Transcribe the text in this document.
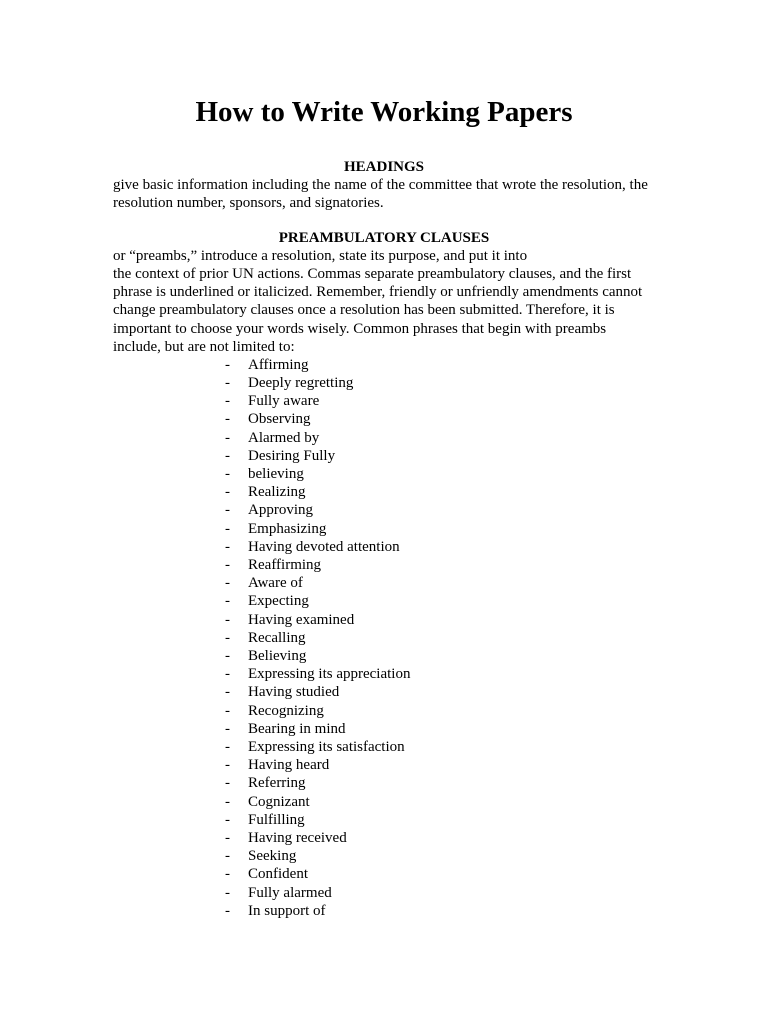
How to Write Working Papers
HEADINGS

give basic information including the name of the committee that wrote the resolution, the
resolution number, sponsors, and signatories.

PREAMBULATORY CLAUSES

or “preambs,” introduce a resolution, state its purpose, and put it into
the context of prior UN actions. Commas separate preambulatory clauses, and the first
phrase is underlined or italicized. Remember, friendly or unfriendly amendments cannot
change preambulatory clauses once a resolution has been submitted. Therefore, it is
important to choose your words wisely. Common phrases that begin with preambs
include, but are not limited to:

-	Affirming
-	Deeply regretting
-	Fully aware
-	Observing
-	Alarmed by
-	Desiring Fully
-	believing
-	Realizing
-	Approving
-	Emphasizing
-	Having devoted attention
-	Reaffirming
-	Aware of
-	Expecting
-	Having examined
-	Recalling
-	Believing
-	Expressing its appreciation
-	Having studied
-	Recognizing
-	Bearing in mind
-	Expressing its satisfaction
-	Having heard
-	Referring
-	Cognizant
-	Fulfilling
-	Having received
-	Seeking
-	Confident
-	Fully alarmed
-	In support of
